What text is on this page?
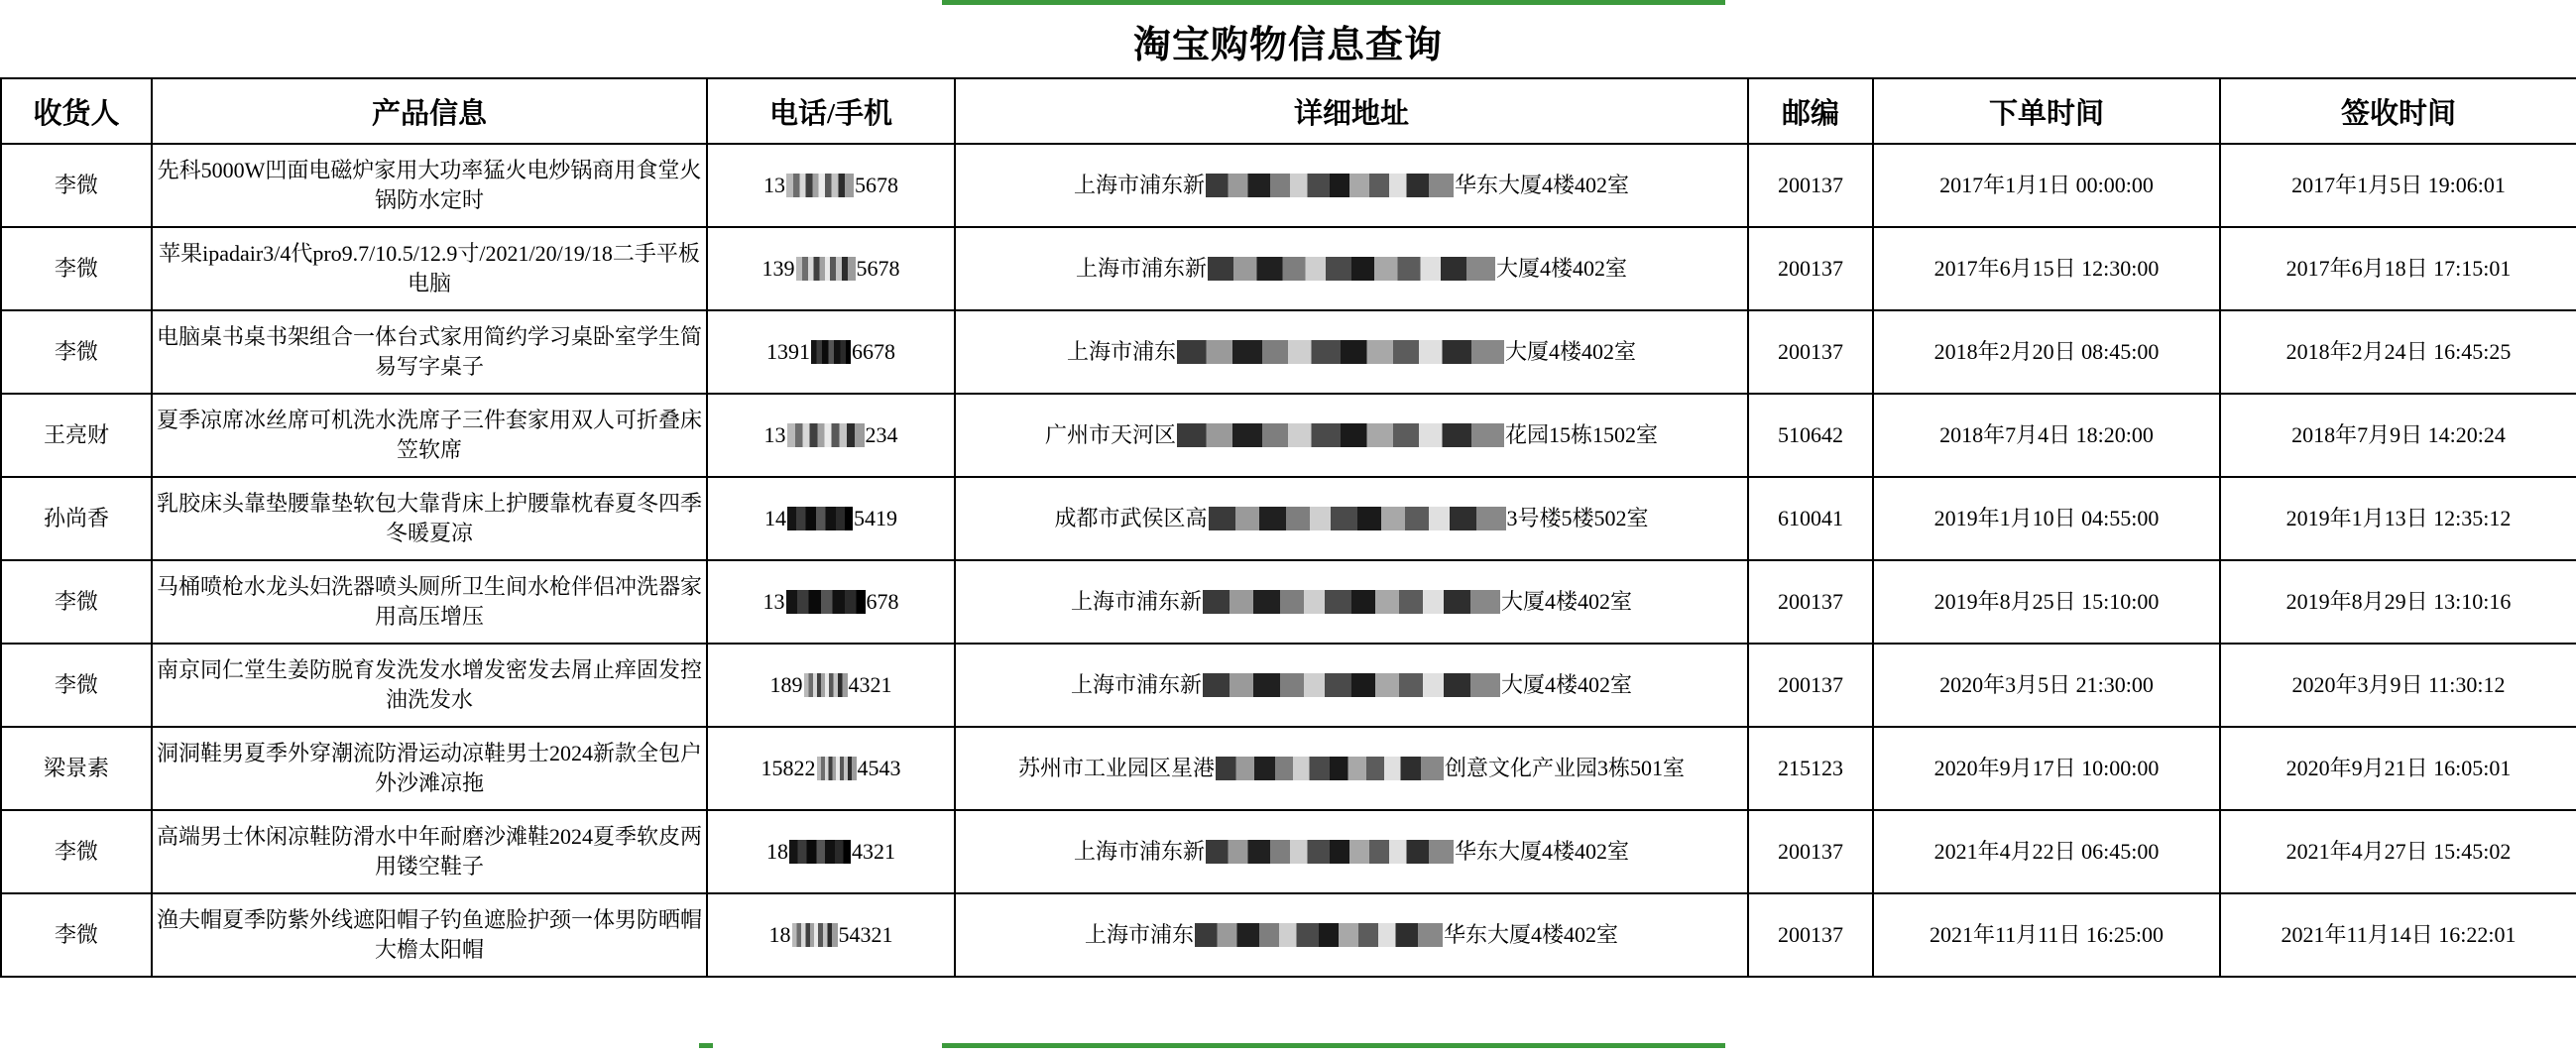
淘宝购物信息查询
收货人	产品信息	电话/手机	详细地址	邮编	下单时间	签收时间
李微	先科5000W凹面电磁炉家用大功率猛火电炒锅商用食堂火锅防水定时	13 5678	上海市浦东新 华东大厦4楼402室	200137	2017年1月1日 00:00:00	2017年1月5日 19:06:01
李微	苹果ipadair3/4代pro9.7/10.5/12.9寸/2021/20/19/18二手平板电脑	139 5678	上海市浦东新 大厦4楼402室	200137	2017年6月15日 12:30:00	2017年6月18日 17:15:01
李微	电脑桌书桌书架组合一体台式家用简约学习桌卧室学生简易写字桌子	1391 6678	上海市浦东 大厦4楼402室	200137	2018年2月20日 08:45:00	2018年2月24日 16:45:25
王亮财	夏季凉席冰丝席可机洗水洗席子三件套家用双人可折叠床笠软席	13 234	广州市天河区 花园15栋1502室	510642	2018年7月4日 18:20:00	2018年7月9日 14:20:24
孙尚香	乳胶床头靠垫腰靠垫软包大靠背床上护腰靠枕春夏冬四季冬暖夏凉	14 5419	成都市武侯区高 3号楼5楼502室	610041	2019年1月10日 04:55:00	2019年1月13日 12:35:12
李微	马桶喷枪水龙头妇洗器喷头厕所卫生间水枪伴侣冲洗器家用高压增压	13 678	上海市浦东新 大厦4楼402室	200137	2019年8月25日 15:10:00	2019年8月29日 13:10:16
李微	南京同仁堂生姜防脱育发洗发水增发密发去屑止痒固发控油洗发水	189 4321	上海市浦东新 大厦4楼402室	200137	2020年3月5日 21:30:00	2020年3月9日 11:30:12
梁景素	洞洞鞋男夏季外穿潮流防滑运动凉鞋男士2024新款全包户外沙滩凉拖	15822 4543	苏州市工业园区星港 创意文化产业园3栋501室	215123	2020年9月17日 10:00:00	2020年9月21日 16:05:01
李微	高端男士休闲凉鞋防滑水中年耐磨沙滩鞋2024夏季软皮两用镂空鞋子	18 4321	上海市浦东新 华东大厦4楼402室	200137	2021年4月22日 06:45:00	2021年4月27日 15:45:02
李微	渔夫帽夏季防紫外线遮阳帽子钓鱼遮脸护颈一体男防晒帽大檐太阳帽	18 54321	上海市浦东 华东大厦4楼402室	200137	2021年11月11日 16:25:00	2021年11月14日 16:22:01
